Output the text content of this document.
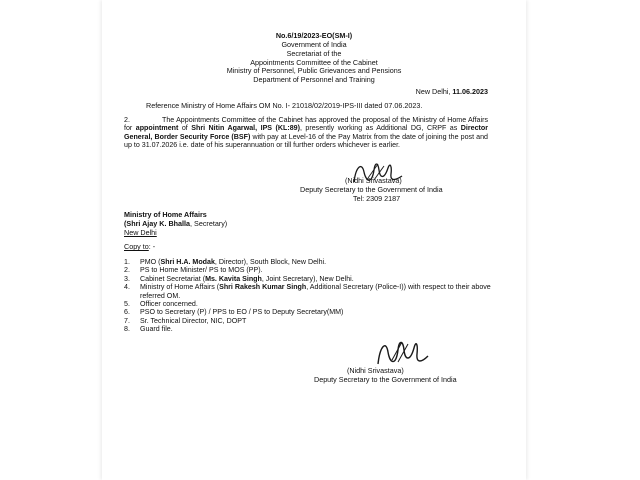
No.6/19/2023-EO(SM-I)
Government of India
Secretariat of the
Appointments Committee of the Cabinet
Ministry of Personnel, Public Grievances and Pensions
Department of Personnel and Training
New Delhi, 11.06.2023
Reference Ministry of Home Affairs OM No. I- 21018/02/2019-IPS-III dated 07.06.2023.
2.	The Appointments Committee of the Cabinet has approved the proposal of the Ministry of Home Affairs for appointment of Shri Nitin Agarwal, IPS (KL:89), presently working as Additional DG, CRPF as Director General, Border Security Force (BSF) with pay at Level-16 of the Pay Matrix from the date of joining the post and up to 31.07.2026 i.e. date of his superannuation or till further orders whichever is earlier.
(Nidhi Srivastava)
Deputy Secretary to the Government of India
Tel: 2309 2187
Ministry of Home Affairs
(Shri Ajay K. Bhalla, Secretary)
New Delhi
Copy to: -
1.	PMO (Shri H.A. Modak, Director), South Block, New Delhi.
2.	PS to Home Minister/ PS to MOS (PP).
3.	Cabinet Secretariat (Ms. Kavita Singh, Joint Secretary), New Delhi.
4.	Ministry of Home Affairs (Shri Rakesh Kumar Singh, Additional Secretary (Police-I)) with respect to their above referred OM.
5.	Officer concerned.
6.	PSO to Secretary (P) / PPS to EO / PS to Deputy Secretary(MM)
7.	Sr. Technical Director, NIC, DOPT
8.	Guard file.
(Nidhi Srivastava)
Deputy Secretary to the Government of India
